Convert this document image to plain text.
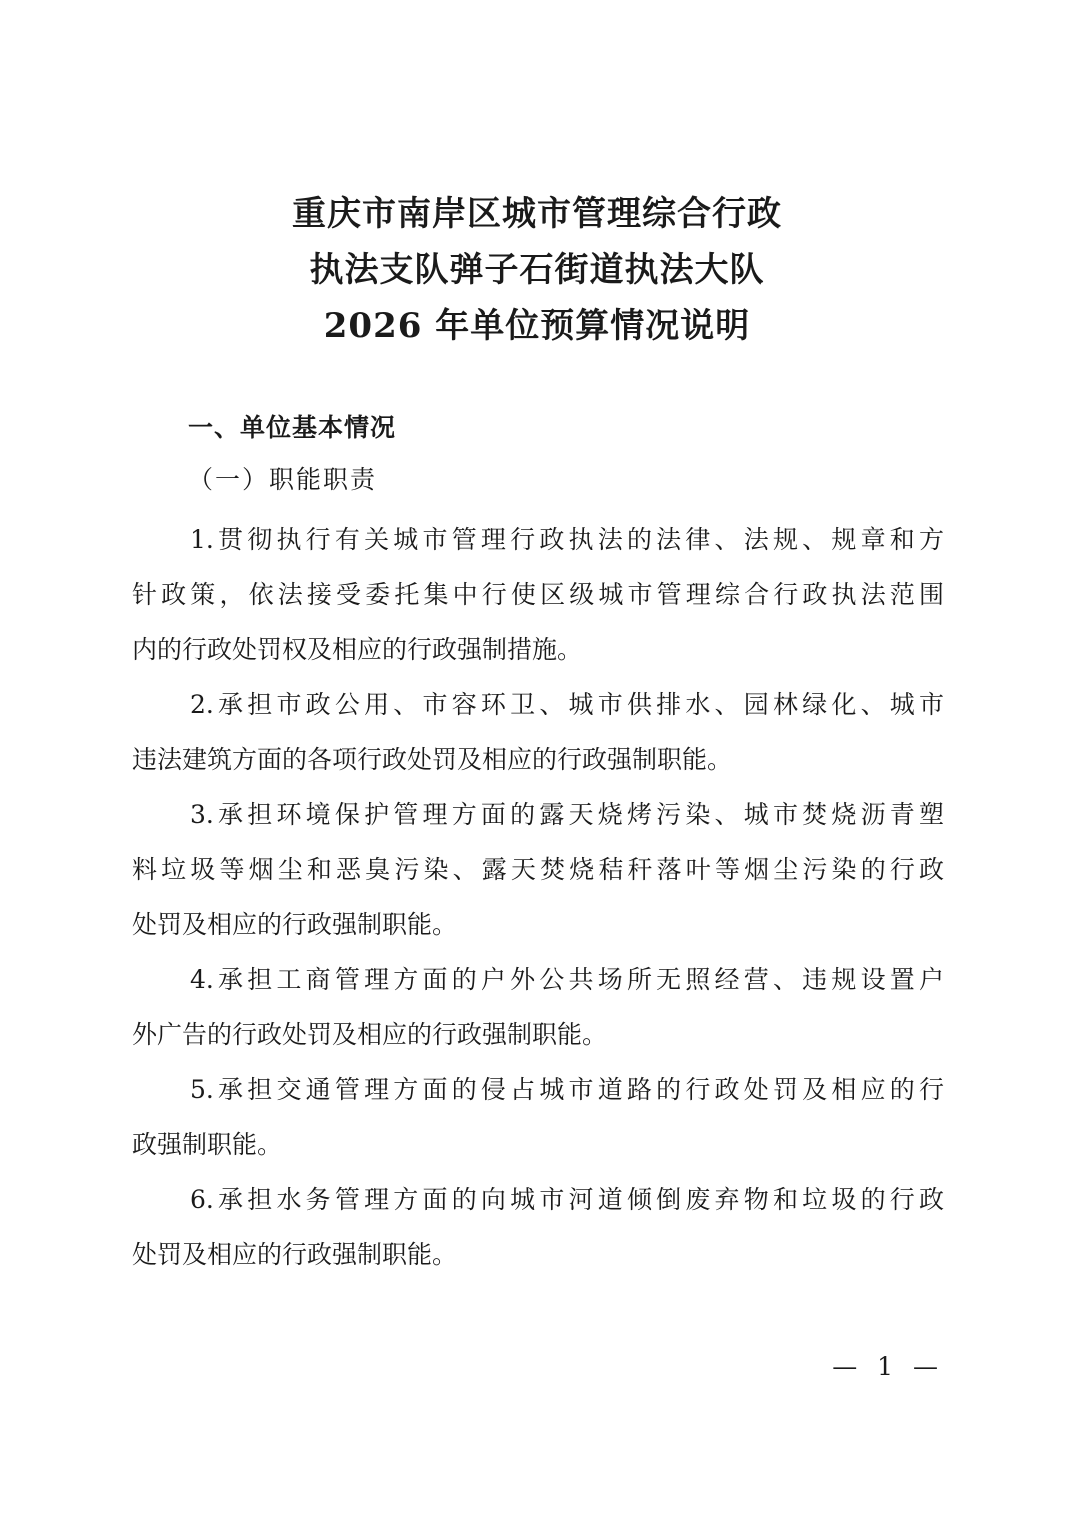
重庆市南岸区城市管理综合行政
执法支队弹子石街道执法大队
2026 年单位预算情况说明
一、单位基本情况
（一）职能职责
1.贯彻执行有关城市管理行政执法的法律、法规、规章和方
针政策，依法接受委托集中行使区级城市管理综合行政执法范围
内的行政处罚权及相应的行政强制措施。
2.承担市政公用、市容环卫、城市供排水、园林绿化、城市
违法建筑方面的各项行政处罚及相应的行政强制职能。
3.承担环境保护管理方面的露天烧烤污染、城市焚烧沥青塑
料垃圾等烟尘和恶臭污染、露天焚烧秸秆落叶等烟尘污染的行政
处罚及相应的行政强制职能。
4.承担工商管理方面的户外公共场所无照经营、违规设置户
外广告的行政处罚及相应的行政强制职能。
5.承担交通管理方面的侵占城市道路的行政处罚及相应的行
政强制职能。
6.承担水务管理方面的向城市河道倾倒废弃物和垃圾的行政
处罚及相应的行政强制职能。
— 1 —
